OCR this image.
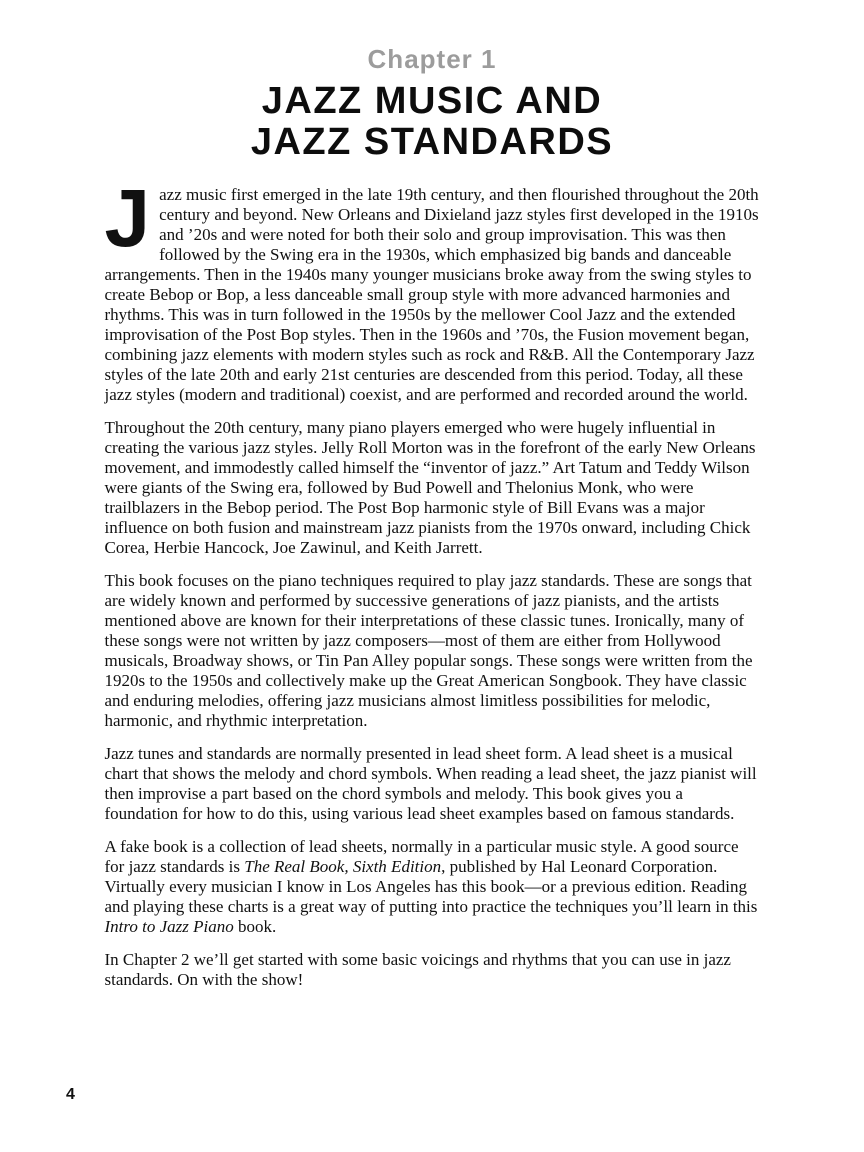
Chapter 1
JAZZ MUSIC AND
JAZZ STANDARDS

Jazz music first emerged in the late 19th century, and then flourished throughout the 20th century and beyond. New Orleans and Dixieland jazz styles first developed in the 1910s and ’20s and were noted for both their solo and group improvisation. This was then followed by the Swing era in the 1930s, which emphasized big bands and danceable arrangements. Then in the 1940s many younger musicians broke away from the swing styles to create Bebop or Bop, a less danceable small group style with more advanced harmonies and rhythms. This was in turn followed in the 1950s by the mellower Cool Jazz and the extended improvisation of the Post Bop styles. Then in the 1960s and ’70s, the Fusion movement began, combining jazz elements with modern styles such as rock and R&B. All the Contemporary Jazz styles of the late 20th and early 21st centuries are descended from this period. Today, all these jazz styles (modern and traditional) coexist, and are performed and recorded around the world.

Throughout the 20th century, many piano players emerged who were hugely influential in creating the various jazz styles. Jelly Roll Morton was in the forefront of the early New Orleans movement, and immodestly called himself the “inventor of jazz.” Art Tatum and Teddy Wilson were giants of the Swing era, followed by Bud Powell and Thelonius Monk, who were trailblazers in the Bebop period. The Post Bop harmonic style of Bill Evans was a major influence on both fusion and mainstream jazz pianists from the 1970s onward, including Chick Corea, Herbie Hancock, Joe Zawinul, and Keith Jarrett.

This book focuses on the piano techniques required to play jazz standards. These are songs that are widely known and performed by successive generations of jazz pianists, and the artists mentioned above are known for their interpretations of these classic tunes. Ironically, many of these songs were not written by jazz composers—most of them are either from Hollywood musicals, Broadway shows, or Tin Pan Alley popular songs. These songs were written from the 1920s to the 1950s and collectively make up the Great American Songbook. They have classic and enduring melodies, offering jazz musicians almost limitless possibilities for melodic, harmonic, and rhythmic interpretation.

Jazz tunes and standards are normally presented in lead sheet form. A lead sheet is a musical chart that shows the melody and chord symbols. When reading a lead sheet, the jazz pianist will then improvise a part based on the chord symbols and melody. This book gives you a foundation for how to do this, using various lead sheet examples based on famous standards.

A fake book is a collection of lead sheets, normally in a particular music style. A good source for jazz standards is The Real Book, Sixth Edition, published by Hal Leonard Corporation. Virtually every musician I know in Los Angeles has this book—or a previous edition. Reading and playing these charts is a great way of putting into practice the techniques you’ll learn in this Intro to Jazz Piano book.

In Chapter 2 we’ll get started with some basic voicings and rhythms that you can use in jazz standards. On with the show!

4
